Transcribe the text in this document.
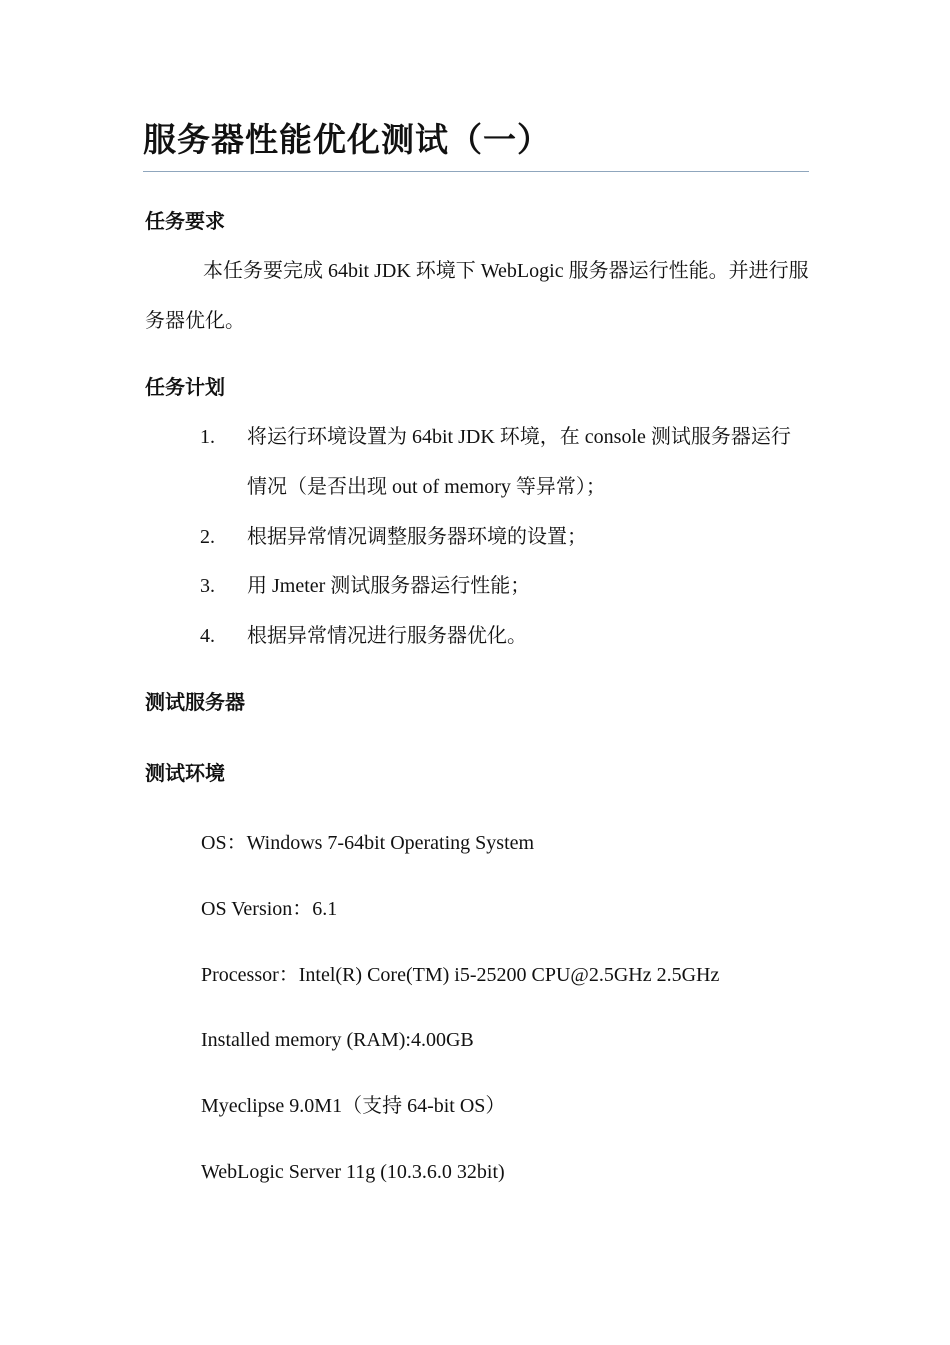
服务器性能优化测试（一）
任务要求

本任务要完成 64bit JDK 环境下 WebLogic 服务器运行性能。并进行服务器优化。

任务计划
1.	将运行环境设置为 64bit JDK 环境，在 console 测试服务器运行情况（是否出现 out of memory 等异常）；
2.	根据异常情况调整服务器环境的设置；
3.	用 Jmeter 测试服务器运行性能；
4.	根据异常情况进行服务器优化。
测试服务器
测试环境
OS：Windows 7-64bit Operating System
OS Version：6.1
Processor：Intel(R) Core(TM) i5-25200 CPU@2.5GHz 2.5GHz
Installed memory (RAM):4.00GB
Myeclipse 9.0M1（支持 64-bit OS）
WebLogic Server 11g (10.3.6.0 32bit)
